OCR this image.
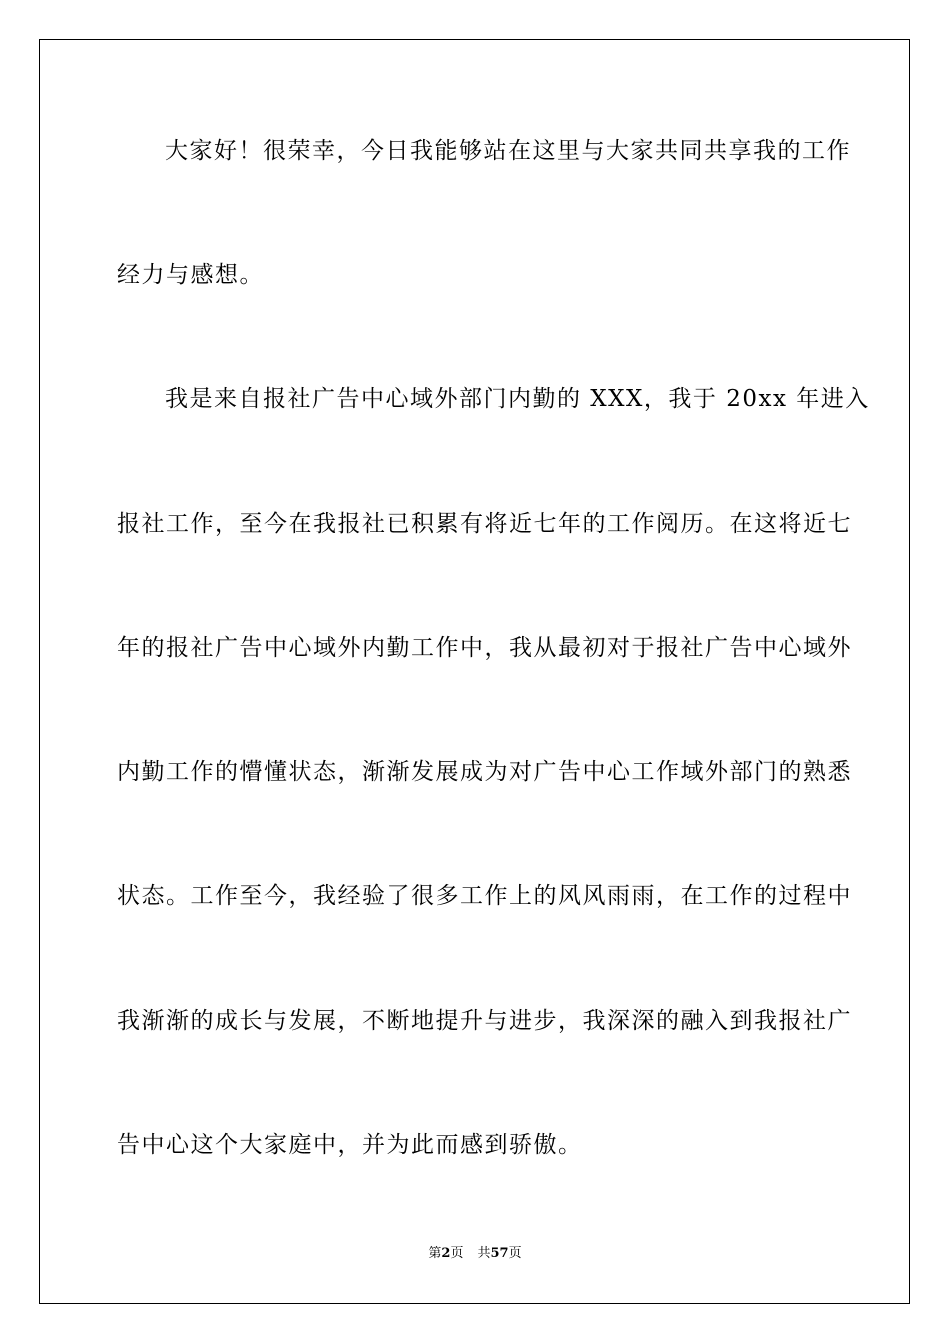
大家好！很荣幸，今日我能够站在这里与大家共同共享我的工作
经力与感想。
我是来自报社广告中心域外部门内勤的 XXX，我于 20xx 年进入
报社工作，至今在我报社已积累有将近七年的工作阅历。在这将近七
年的报社广告中心域外内勤工作中，我从最初对于报社广告中心域外
内勤工作的懵懂状态，渐渐发展成为对广告中心工作域外部门的熟悉
状态。工作至今，我经验了很多工作上的风风雨雨，在工作的过程中
我渐渐的成长与发展，不断地提升与进步，我深深的融入到我报社广
告中心这个大家庭中，并为此而感到骄傲。
第2页 共57页
